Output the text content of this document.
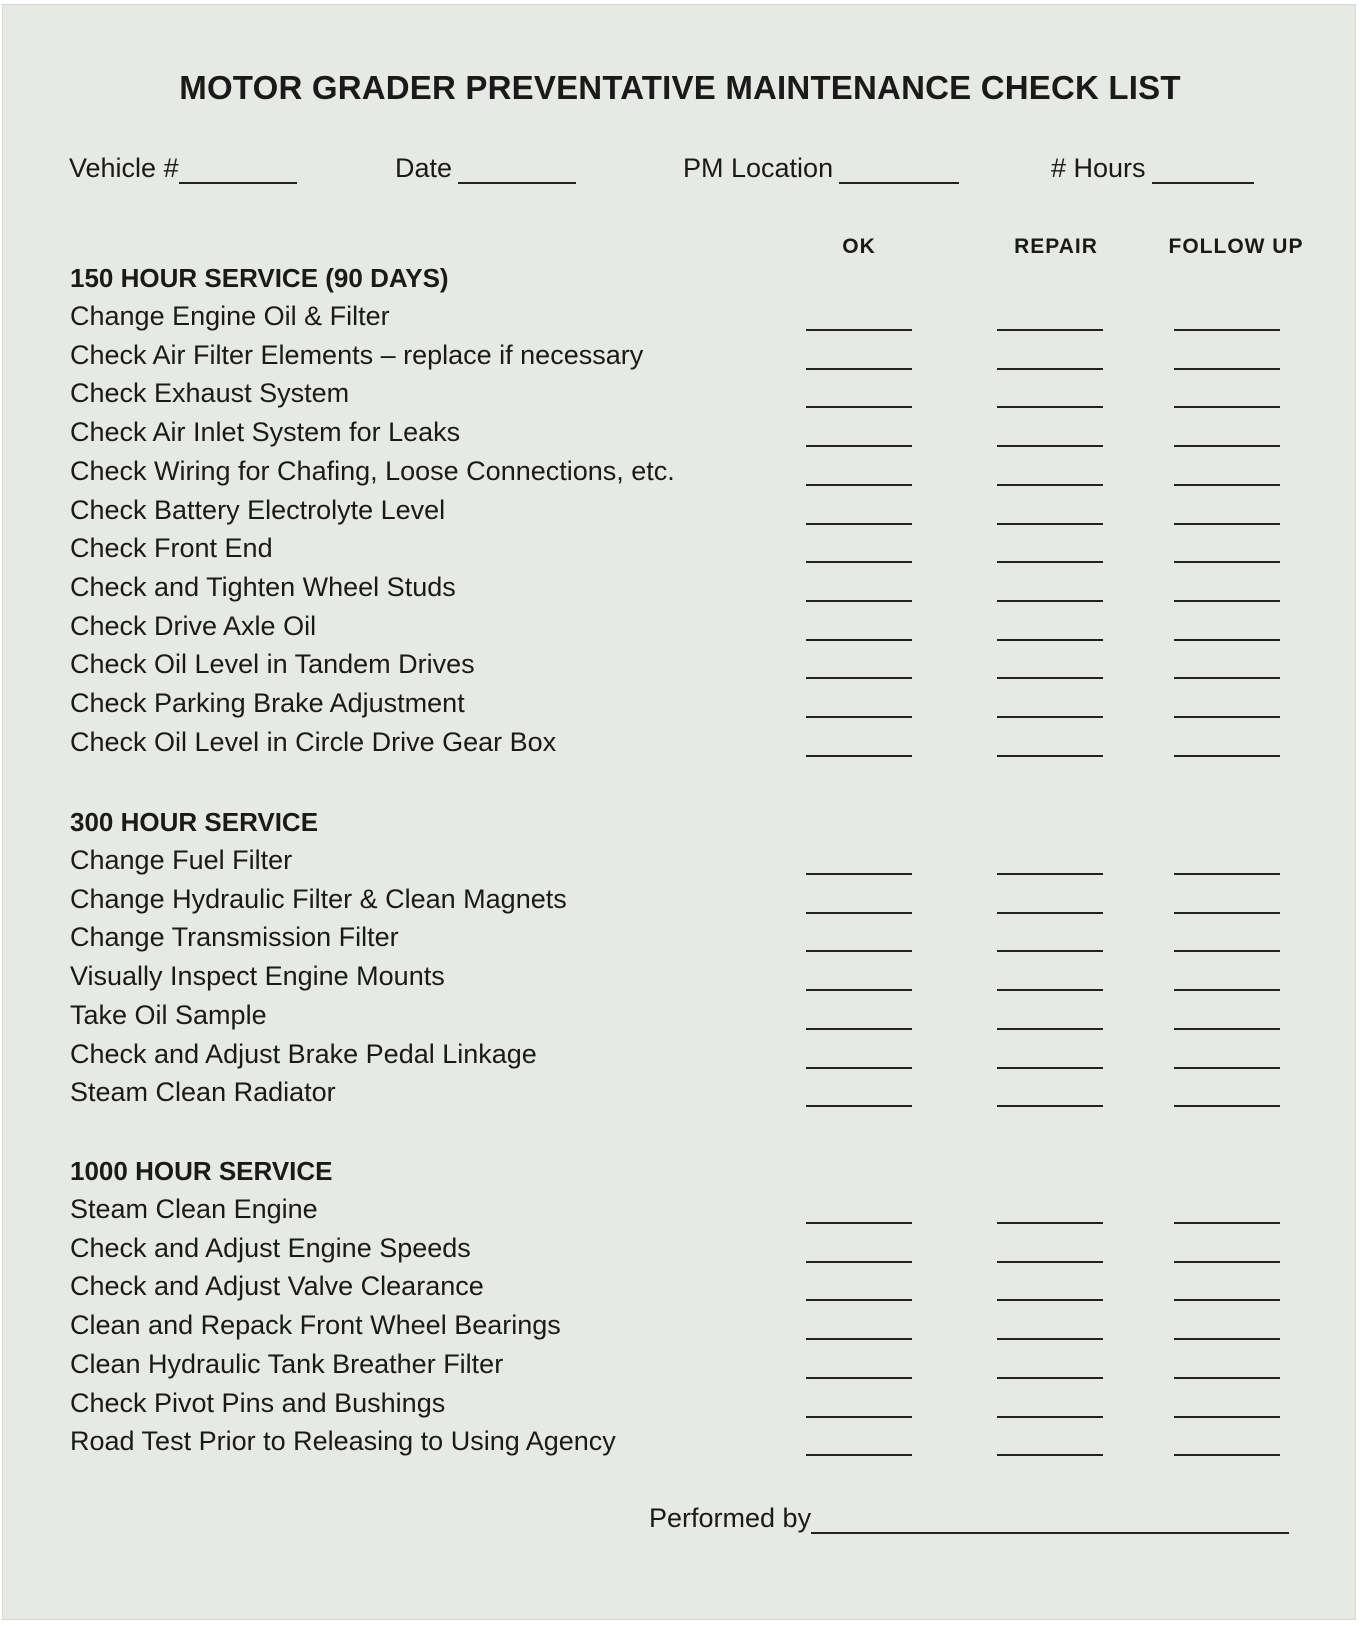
MOTOR GRADER PREVENTATIVE MAINTENANCE CHECK LIST
Vehicle #	Date	PM Location	# Hours
OK	REPAIR	FOLLOW UP
150 HOUR SERVICE (90 DAYS)
Change Engine Oil & Filter
Check Air Filter Elements – replace if necessary
Check Exhaust System
Check Air Inlet System for Leaks
Check Wiring for Chafing, Loose Connections, etc.
Check Battery Electrolyte Level
Check Front End
Check and Tighten Wheel Studs
Check Drive Axle Oil
Check Oil Level in Tandem Drives
Check Parking Brake Adjustment
Check Oil Level in Circle Drive Gear Box
300 HOUR SERVICE
Change Fuel Filter
Change Hydraulic Filter & Clean Magnets
Change Transmission Filter
Visually Inspect Engine Mounts
Take Oil Sample
Check and Adjust Brake Pedal Linkage
Steam Clean Radiator
1000 HOUR SERVICE
Steam Clean Engine
Check and Adjust Engine Speeds
Check and Adjust Valve Clearance
Clean and Repack Front Wheel Bearings
Clean Hydraulic Tank Breather Filter
Check Pivot Pins and Bushings
Road Test Prior to Releasing to Using Agency
Performed by
